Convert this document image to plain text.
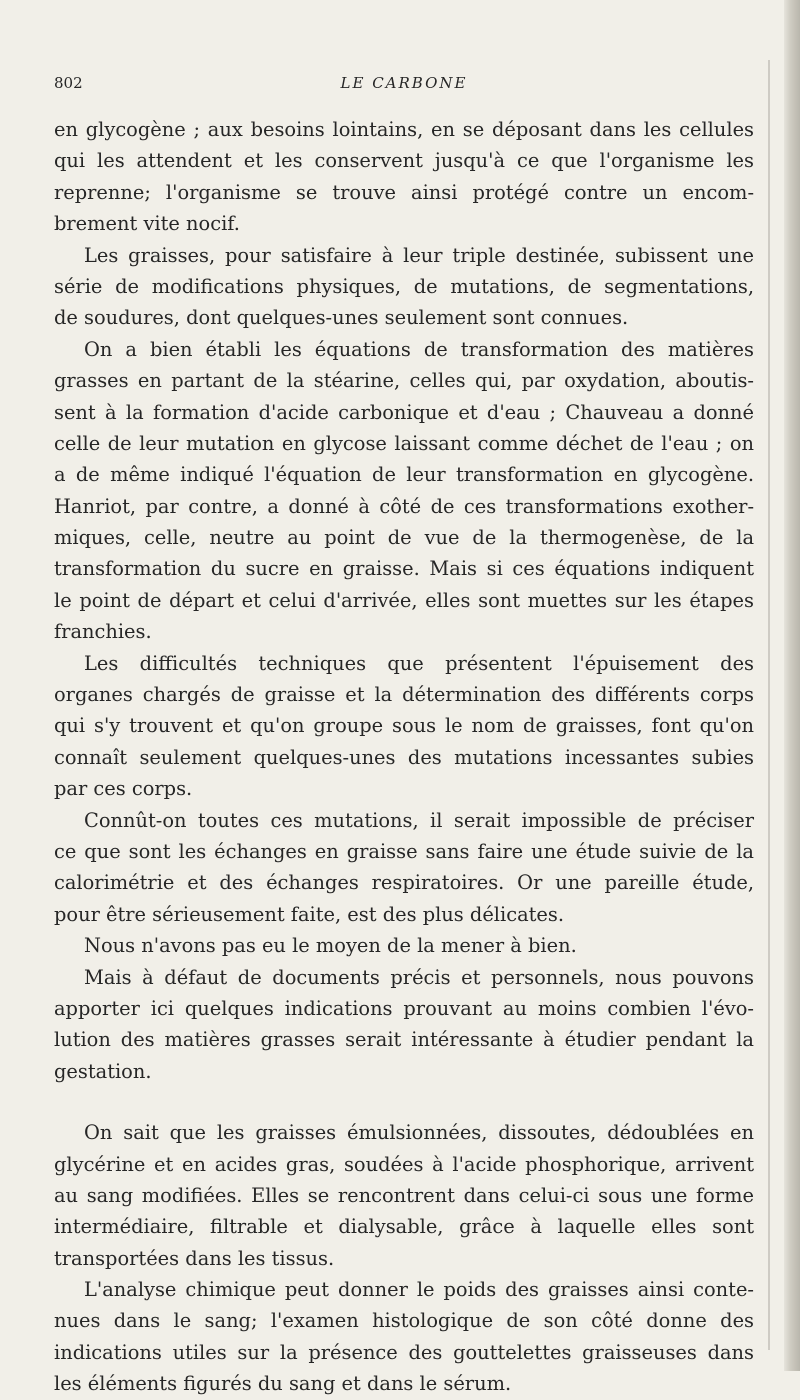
802	LE CARBONE
en glycogène ; aux besoins lointains, en se déposant dans les cellules
qui les attendent et les conservent jusqu'à ce que l'organisme les
reprenne; l'organisme se trouve ainsi protégé contre un encom-
brement vite nocif.
Les graisses, pour satisfaire à leur triple destinée, subissent une
série de modifications physiques, de mutations, de segmentations,
de soudures, dont quelques-unes seulement sont connues.
On a bien établi les équations de transformation des matières
grasses en partant de la stéarine, celles qui, par oxydation, aboutis-
sent à la formation d'acide carbonique et d'eau ; Chauveau a donné
celle de leur mutation en glycose laissant comme déchet de l'eau ; on
a de même indiqué l'équation de leur transformation en glycogène.
Hanriot, par contre, a donné à côté de ces transformations exother-
miques, celle, neutre au point de vue de la thermogenèse, de la
transformation du sucre en graisse. Mais si ces équations indiquent
le point de départ et celui d'arrivée, elles sont muettes sur les étapes
franchies.
Les difficultés techniques que présentent l'épuisement des
organes chargés de graisse et la détermination des différents corps
qui s'y trouvent et qu'on groupe sous le nom de graisses, font qu'on
connaît seulement quelques-unes des mutations incessantes subies
par ces corps.
Connût-on toutes ces mutations, il serait impossible de préciser
ce que sont les échanges en graisse sans faire une étude suivie de la
calorimétrie et des échanges respiratoires. Or une pareille étude,
pour être sérieusement faite, est des plus délicates.
Nous n'avons pas eu le moyen de la mener à bien.
Mais à défaut de documents précis et personnels, nous pouvons
apporter ici quelques indications prouvant au moins combien l'évo-
lution des matières grasses serait intéressante à étudier pendant la
gestation.
On sait que les graisses émulsionnées, dissoutes, dédoublées en
glycérine et en acides gras, soudées à l'acide phosphorique, arrivent
au sang modifiées. Elles se rencontrent dans celui-ci sous une forme
intermédiaire, filtrable et dialysable, grâce à laquelle elles sont
transportées dans les tissus.
L'analyse chimique peut donner le poids des graisses ainsi conte-
nues dans le sang; l'examen histologique de son côté donne des
indications utiles sur la présence des gouttelettes graisseuses dans
les éléments figurés du sang et dans le sérum.
